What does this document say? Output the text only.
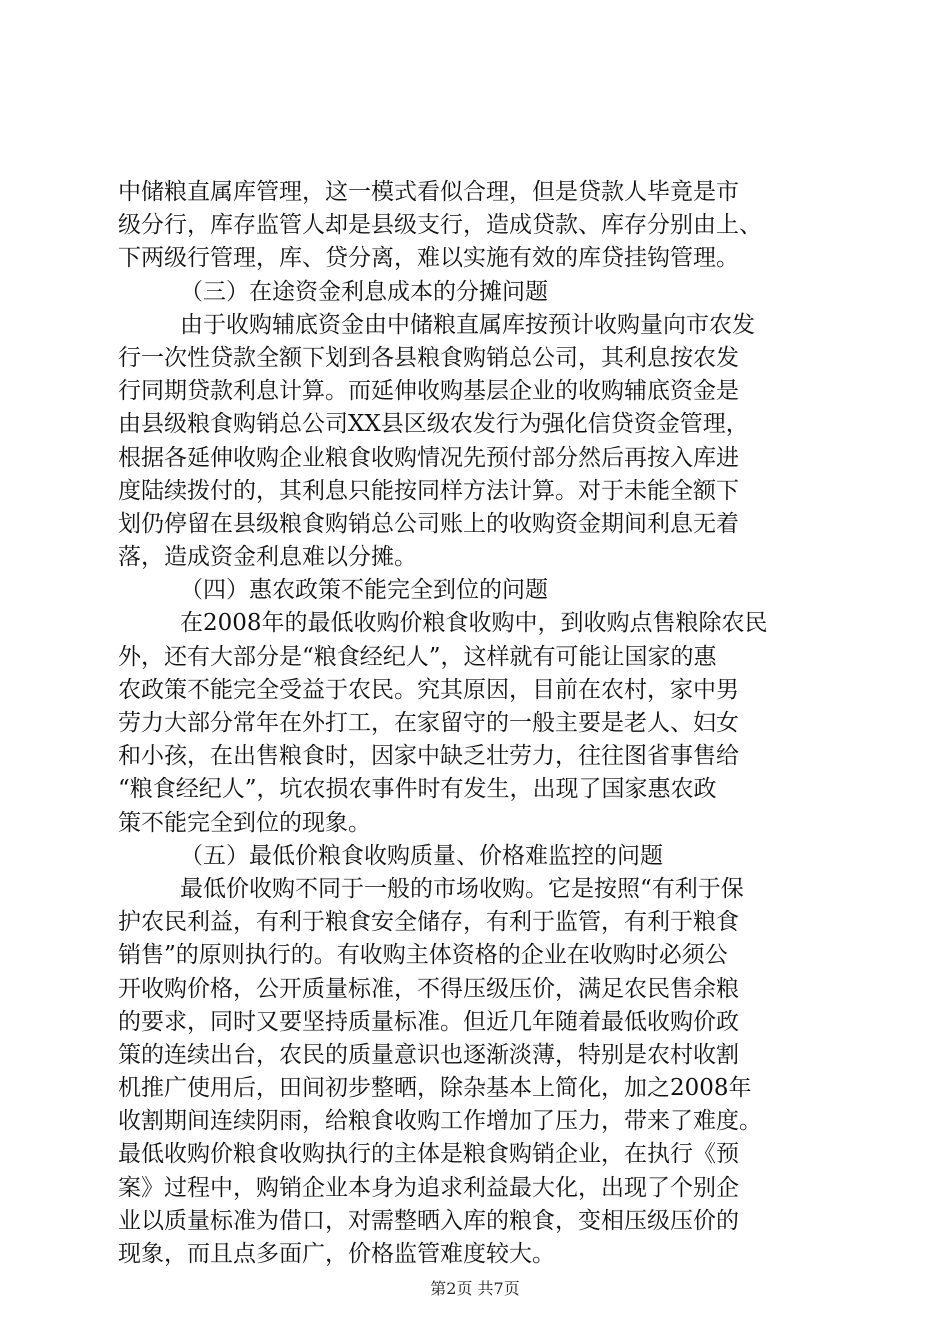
中储粮直属库管理，这一模式看似合理，但是贷款人毕竟是市
级分行，库存监管人却是县级支行，造成贷款、库存分别由上、
下两级行管理，库、贷分离，难以实施有效的库贷挂钩管理。
（三）在途资金利息成本的分摊问题
由于收购辅底资金由中储粮直属库按预计收购量向市农发
行一次性贷款全额下划到各县粮食购销总公司，其利息按农发
行同期贷款利息计算。而延伸收购基层企业的收购辅底资金是
由县级粮食购销总公司XX县区级农发行为强化信贷资金管理，
根据各延伸收购企业粮食收购情况先预付部分然后再按入库进
度陆续拨付的，其利息只能按同样方法计算。对于未能全额下
划仍停留在县级粮食购销总公司账上的收购资金期间利息无着
落，造成资金利息难以分摊。
（四）惠农政策不能完全到位的问题
在2008年的最低收购价粮食收购中，到收购点售粮除农民
外，还有大部分是“粮食经纪人”，这样就有可能让国家的惠
农政策不能完全受益于农民。究其原因，目前在农村，家中男
劳力大部分常年在外打工，在家留守的一般主要是老人、妇女
和小孩，在出售粮食时，因家中缺乏壮劳力，往往图省事售给
“粮食经纪人”，坑农损农事件时有发生，出现了国家惠农政
策不能完全到位的现象。
（五）最低价粮食收购质量、价格难监控的问题
最低价收购不同于一般的市场收购。它是按照“有利于保
护农民利益，有利于粮食安全储存，有利于监管，有利于粮食
销售”的原则执行的。有收购主体资格的企业在收购时必须公
开收购价格，公开质量标准，不得压级压价，满足农民售余粮
的要求，同时又要坚持质量标准。但近几年随着最低收购价政
策的连续出台，农民的质量意识也逐渐淡薄，特别是农村收割
机推广使用后，田间初步整晒，除杂基本上简化，加之2008年
收割期间连续阴雨，给粮食收购工作增加了压力，带来了难度。
最低收购价粮食收购执行的主体是粮食购销企业，在执行《预
案》过程中，购销企业本身为追求利益最大化，出现了个别企
业以质量标准为借口，对需整晒入库的粮食，变相压级压价的
现象，而且点多面广，价格监管难度较大。
第2页 共7页
